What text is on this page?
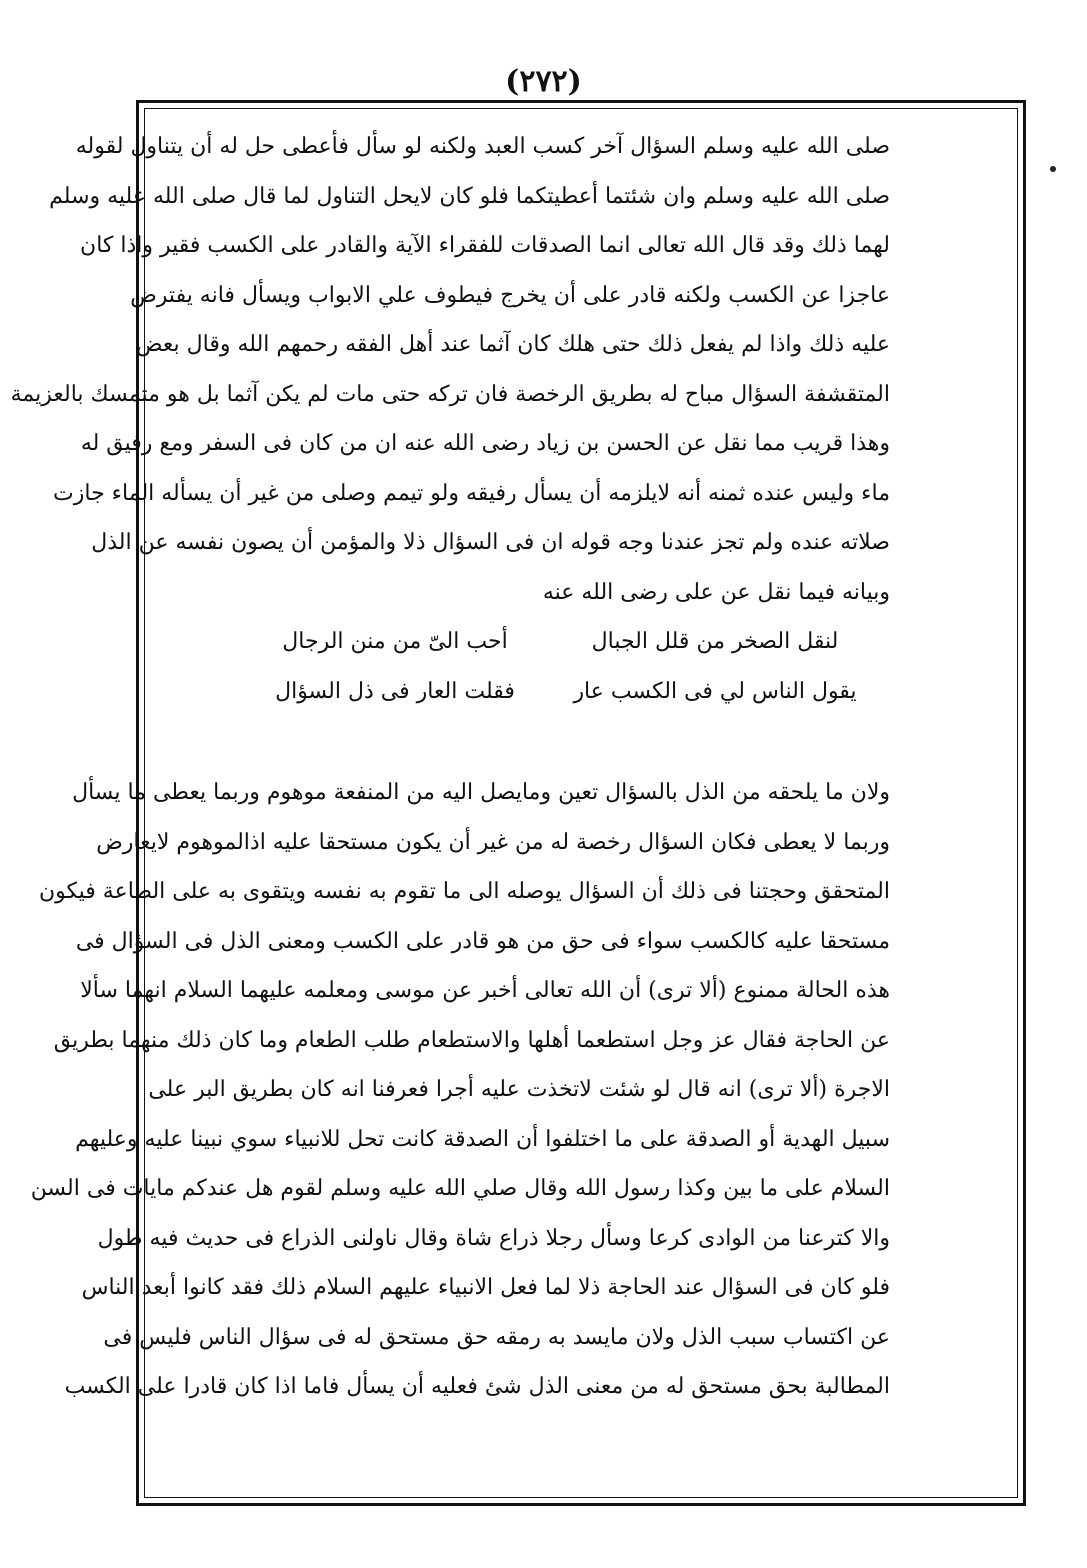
(٢٧٢)
صلى الله عليه وسلم السؤال آخر كسب العبد ولكنه لو سأل فأعطى حل له أن يتناول لقوله
صلى الله عليه وسلم وان شئتما أعطيتكما فلو كان لايحل التناول لما قال صلى الله عليه وسلم
لهما ذلك وقد قال الله تعالى انما الصدقات للفقراء الآية والقادر على الكسب فقير واذا كان
عاجزا عن الكسب ولكنه قادر على أن يخرج فيطوف علي الابواب ويسأل فانه يفترض
عليه ذلك واذا لم يفعل ذلك حتى هلك كان آثما عند أهل الفقه رحمهم الله وقال بعض
المتقشفة السؤال مباح له بطريق الرخصة فان تركه حتى مات لم يكن آثما بل هو متمسك بالعزيمة
وهذا قريب مما نقل عن الحسن بن زياد رضى الله عنه ان من كان فى السفر ومع رفيق له
ماء وليس عنده ثمنه أنه لايلزمه أن يسأل رفيقه ولو تيمم وصلى من غير أن يسأله الماء جازت
صلاته عنده ولم تجز عندنا وجه قوله ان فى السؤال ذلا والمؤمن أن يصون نفسه عن الذل
وبيانه فيما نقل عن على رضى الله عنه
لنقل الصخر من قلل الجبال
أحب الىّ من منن الرجال
يقول الناس لي فى الكسب عار
فقلت العار فى ذل السؤال
ولان ما يلحقه من الذل بالسؤال تعين ومايصل اليه من المنفعة موهوم وربما يعطى ما يسأل
وربما لا يعطى فكان السؤال رخصة له من غير أن يكون مستحقا عليه اذالموهوم لايعارض
المتحقق وحجتنا فى ذلك أن السؤال يوصله الى ما تقوم به نفسه ويتقوى به على الطاعة فيكون
مستحقا عليه كالكسب سواء فى حق من هو قادر على الكسب ومعنى الذل فى السؤال فى
هذه الحالة ممنوع (ألا ترى) أن الله تعالى أخبر عن موسى ومعلمه عليهما السلام انهما سألا
عن الحاجة فقال عز وجل استطعما أهلها والاستطعام طلب الطعام وما كان ذلك منهما بطريق
الاجرة (ألا ترى) انه قال لو شئت لاتخذت عليه أجرا فعرفنا انه كان بطريق البر على
سبيل الهدية أو الصدقة على ما اختلفوا أن الصدقة كانت تحل للانبياء سوي نبينا عليه وعليهم
السلام على ما بين وكذا رسول الله وقال صلي الله عليه وسلم لقوم هل عندكم مايات فى السن
والا كترعنا من الوادى كرعا وسأل رجلا ذراع شاة وقال ناولنى الذراع فى حديث فيه طول
فلو كان فى السؤال عند الحاجة ذلا لما فعل الانبياء عليهم السلام ذلك فقد كانوا أبعد الناس
عن اكتساب سبب الذل ولان مايسد به رمقه حق مستحق له فى سؤال الناس فليس فى
المطالبة بحق مستحق له من معنى الذل شئ فعليه أن يسأل فاما اذا كان قادرا على الكسب
